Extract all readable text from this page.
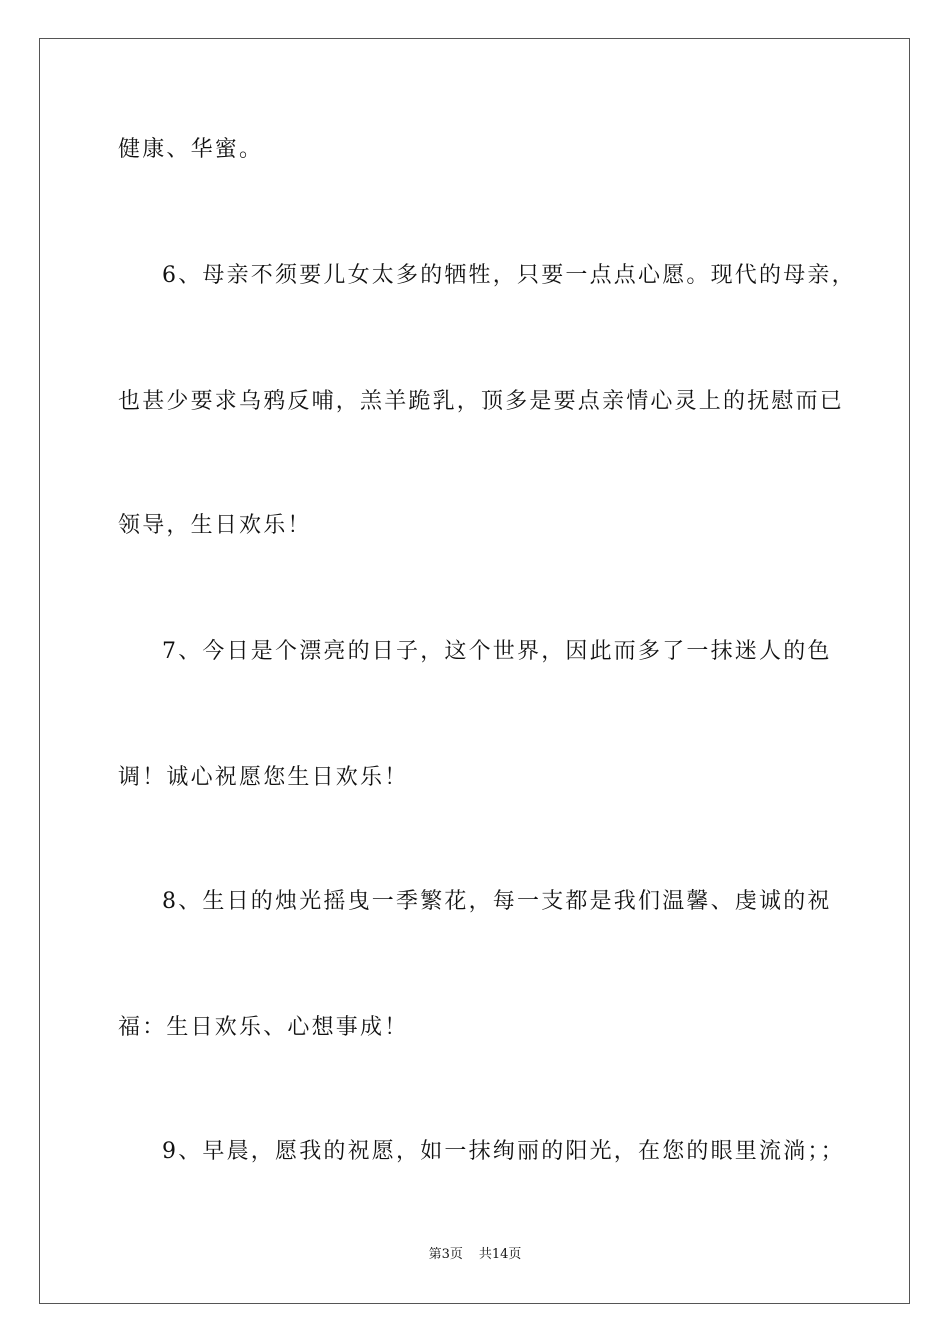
健康、华蜜。

6、母亲不须要儿女太多的牺牲，只要一点点心愿。现代的母亲，

也甚少要求乌鸦反哺，羔羊跪乳，顶多是要点亲情心灵上的抚慰而已

领导，生日欢乐！

7、今日是个漂亮的日子，这个世界，因此而多了一抹迷人的色

调！诚心祝愿您生日欢乐！

8、生日的烛光摇曳一季繁花，每一支都是我们温馨、虔诚的祝

福：生日欢乐、心想事成！

9、早晨，愿我的祝愿，如一抹绚丽的阳光，在您的眼里流淌；；

第3页 共14页
